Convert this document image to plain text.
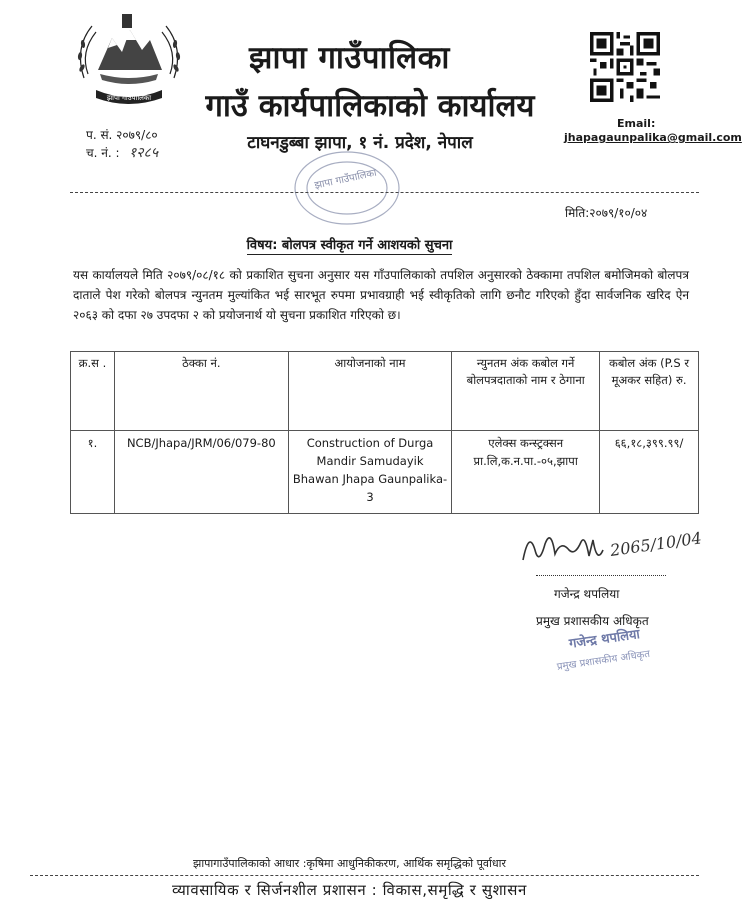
झापा गाउँपालिका
झापा गाउँपालिका
गाउँ कार्यपालिकाको कार्यालय
टाघनडुब्बा झापा, १ नं. प्रदेश, नेपाल
Email:
jhapagaunpalika@gmail.com
प. सं. २०७९/८०
च. नं. : १२८५
झापा गाउँपालिका
मिति:२०७९/१०/०४
विषय: बोलपत्र स्वीकृत गर्ने आशयको सुचना
यस कार्यालयले मिति २०७९/०८/१८ को प्रकाशित सुचना अनुसार यस गाँउपालिकाको तपशिल अनुसारको ठेक्कामा तपशिल बमोजिमको बोलपत्र दाताले पेश गरेको बोलपत्र न्युनतम मुल्यांकित भई सारभूत रुपमा प्रभावग्राही भई स्वीकृतिको लागि छनौट गरिएको हुँदा सार्वजनिक खरिद ऐन २०६३ को दफा २७ उपदफा २ को प्रयोजनार्थ यो सुचना प्रकाशित गरिएको छ।
क्र.स .	ठेक्का नं.	आयोजनाको नाम	न्युनतम अंक कबोल गर्ने बोलपत्रदाताको नाम र ठेगाना	कबोल अंक (P.S र मूअकर सहित) रु.
१.	NCB/Jhapa/JRM/06/079-80	Construction of Durga Mandir Samudayik Bhawan Jhapa Gaunpalika-3	एलेक्स कन्स्ट्रक्सन प्रा.लि,क.न.पा.-०५,झापा	६६,१८,३९९.९९/
2065/10/04
गजेन्द्र थपलिया
प्रमुख प्रशासकीय अधिकृत
गजेन्द्र थपलिया
प्रमुख प्रशासकीय अधिकृत
झापागाउँपालिकाको आधार :कृषिमा आधुनिकीकरण, आर्थिक समृद्धिको पूर्वाधार
व्यावसायिक र सिर्जनशील प्रशासन : विकास,समृद्धि र सुशासन
